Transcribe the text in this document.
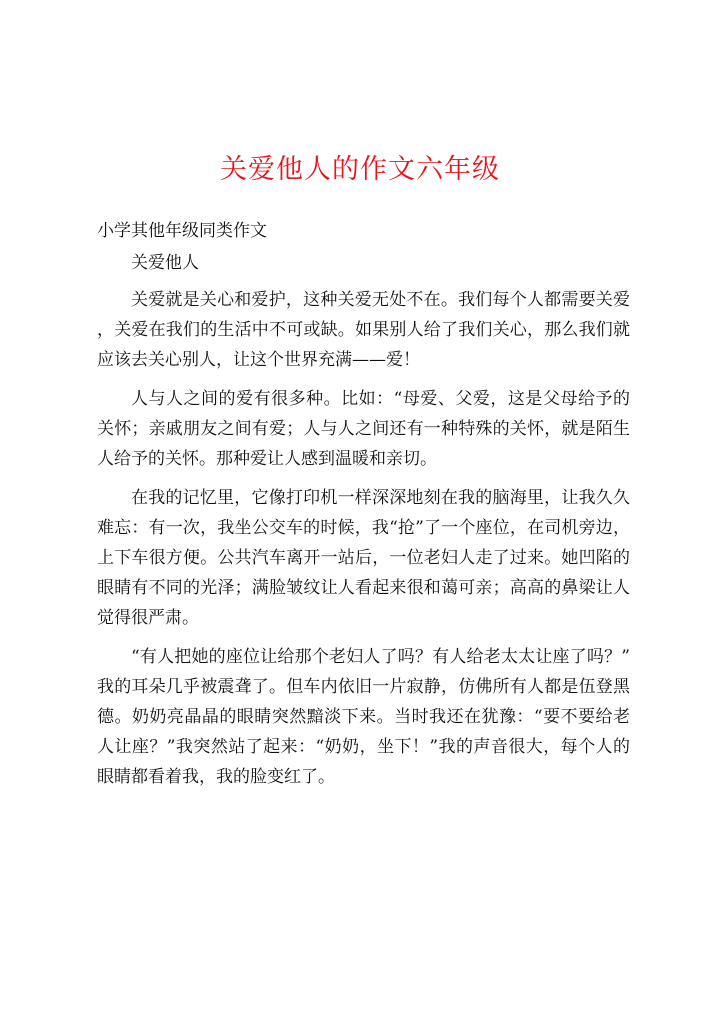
关爱他人的作文六年级
小学其他年级同类作文

关爱他人

关爱就是关心和爱护，这种关爱无处不在。我们每个人都需要关爱，关爱在我们的生活中不可或缺。如果别人给了我们关心，那么我们就应该去关心别人，让这个世界充满——爱！

人与人之间的爱有很多种。比如：“母爱、父爱，这是父母给予的关怀；亲戚朋友之间有爱；人与人之间还有一种特殊的关怀，就是陌生人给予的关怀。那种爱让人感到温暖和亲切。

在我的记忆里，它像打印机一样深深地刻在我的脑海里，让我久久难忘：有一次，我坐公交车的时候，我“抢”了一个座位，在司机旁边，上下车很方便。公共汽车离开一站后，一位老妇人走了过来。她凹陷的眼睛有不同的光泽；满脸皱纹让人看起来很和蔼可亲；高高的鼻梁让人觉得很严肃。

“有人把她的座位让给那个老妇人了吗？有人给老太太让座了吗？”我的耳朵几乎被震聋了。但车内依旧一片寂静，仿佛所有人都是伍登黑德。奶奶亮晶晶的眼睛突然黯淡下来。当时我还在犹豫：“要不要给老人让座？”我突然站了起来：“奶奶，坐下！”我的声音很大，每个人的眼睛都看着我，我的脸变红了。
